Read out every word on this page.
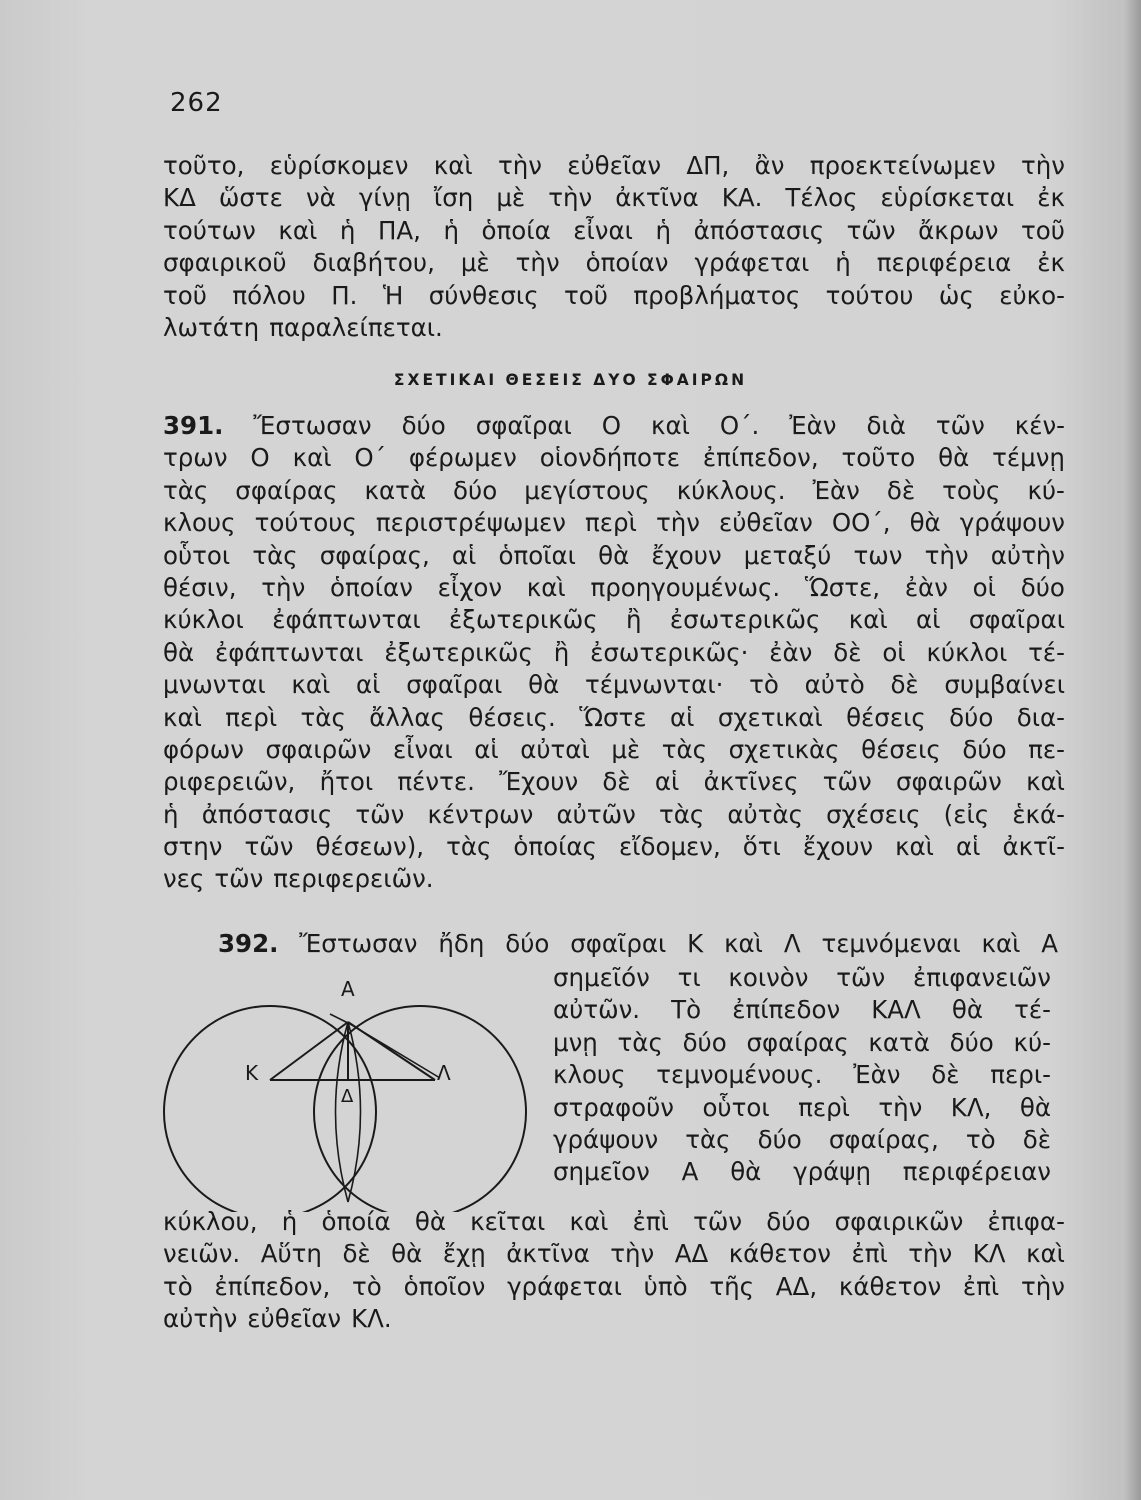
262
τοῦτο, εὑρίσκομεν καὶ τὴν εὐθεῖαν ΔΠ, ἂν προεκτείνωμεν τὴν
ΚΔ ὥστε νὰ γίνῃ ἴση μὲ τὴν ἀκτῖνα ΚΑ. Τέλος εὑρίσκεται ἐκ
τούτων καὶ ἡ ΠΑ, ἡ ὁποία εἶναι ἡ ἀπόστασις τῶν ἄκρων τοῦ
σφαιρικοῦ διαβήτου, μὲ τὴν ὁποίαν γράφεται ἡ περιφέρεια ἐκ
τοῦ πόλου Π. Ἡ σύνθεσις τοῦ προβλήματος τούτου ὡς εὐκο-
λωτάτη παραλείπεται.
ΣΧΕΤΙΚΑΙ ΘΕΣΕΙΣ ΔΥΟ ΣΦΑΙΡΩΝ
391. Ἔστωσαν δύο σφαῖραι Ο καὶ Ο΄. Ἐὰν διὰ τῶν κέν-
τρων Ο καὶ Ο΄ φέρωμεν οἱονδήποτε ἐπίπεδον, τοῦτο θὰ τέμνῃ
τὰς σφαίρας κατὰ δύο μεγίστους κύκλους. Ἐὰν δὲ τοὺς κύ-
κλους τούτους περιστρέψωμεν περὶ τὴν εὐθεῖαν ΟΟ΄, θὰ γράψουν
οὗτοι τὰς σφαίρας, αἱ ὁποῖαι θὰ ἔχουν μεταξύ των τὴν αὐτὴν
θέσιν, τὴν ὁποίαν εἶχον καὶ προηγουμένως. Ὥστε, ἐὰν οἱ δύο
κύκλοι ἐφάπτωνται ἐξωτερικῶς ἢ ἐσωτερικῶς καὶ αἱ σφαῖραι
θὰ ἐφάπτωνται ἐξωτερικῶς ἢ ἐσωτερικῶς· ἐὰν δὲ οἱ κύκλοι τέ-
μνωνται καὶ αἱ σφαῖραι θὰ τέμνωνται· τὸ αὐτὸ δὲ συμβαίνει
καὶ περὶ τὰς ἄλλας θέσεις. Ὥστε αἱ σχετικαὶ θέσεις δύο δια-
φόρων σφαιρῶν εἶναι αἱ αὐταὶ μὲ τὰς σχετικὰς θέσεις δύο πε-
ριφερειῶν, ἤτοι πέντε. Ἔχουν δὲ αἱ ἀκτῖνες τῶν σφαιρῶν καὶ
ἡ ἀπόστασις τῶν κέντρων αὐτῶν τὰς αὐτὰς σχέσεις (εἰς ἑκά-
στην τῶν θέσεων), τὰς ὁποίας εἴδομεν, ὅτι ἔχουν καὶ αἱ ἀκτῖ-
νες τῶν περιφερειῶν.
392. Ἔστωσαν ἤδη δύο σφαῖραι Κ καὶ Λ τεμνόμεναι καὶ Α
σημεῖόν τι κοινὸν τῶν ἐπιφανειῶν
αὐτῶν. Τὸ ἐπίπεδον ΚΑΛ θὰ τέ-
μνῃ τὰς δύο σφαίρας κατὰ δύο κύ-
κλους τεμνομένους. Ἐὰν δὲ περι-
στραφοῦν οὗτοι περὶ τὴν ΚΛ, θὰ
γράψουν τὰς δύο σφαίρας, τὸ δὲ
σημεῖον Α θὰ γράψῃ περιφέρειαν
Α
Κ	Λ
Δ
κύκλου, ἡ ὁποία θὰ κεῖται καὶ ἐπὶ τῶν δύο σφαιρικῶν ἐπιφα-
νειῶν. Αὕτη δὲ θὰ ἔχῃ ἀκτῖνα τὴν ΑΔ κάθετον ἐπὶ τὴν ΚΛ καὶ
τὸ ἐπίπεδον, τὸ ὁποῖον γράφεται ὑπὸ τῆς ΑΔ, κάθετον ἐπὶ τὴν
αὐτὴν εὐθεῖαν ΚΛ.
